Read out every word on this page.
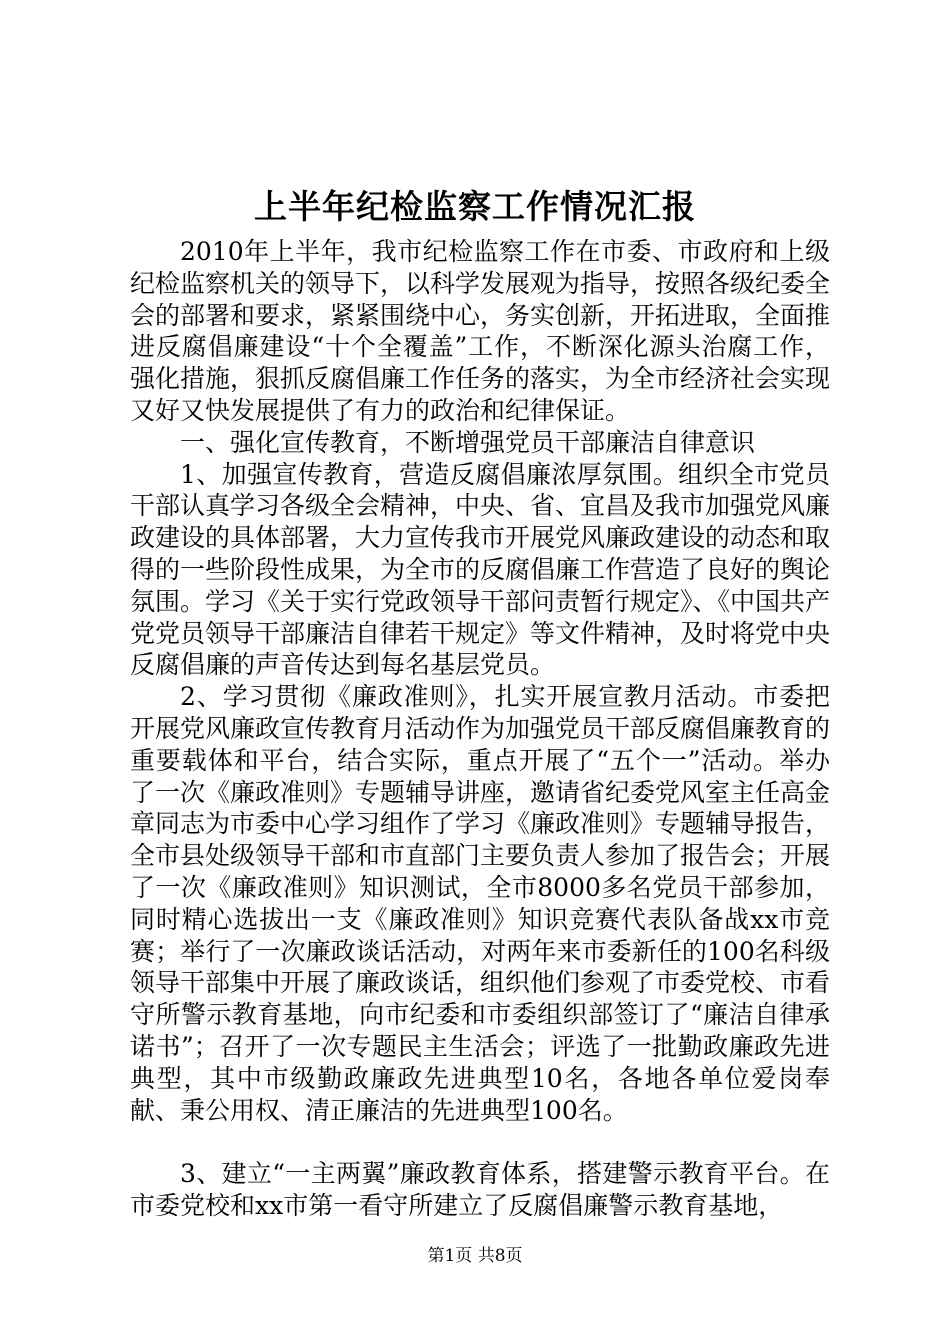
上半年纪检监察工作情况汇报

2010年上半年，我市纪检监察工作在市委、市政府和上级纪检监察机关的领导下，以科学发展观为指导，按照各级纪委全会的部署和要求，紧紧围绕中心，务实创新，开拓进取，全面推进反腐倡廉建设“十个全覆盖”工作，不断深化源头治腐工作，强化措施，狠抓反腐倡廉工作任务的落实，为全市经济社会实现又好又快发展提供了有力的政治和纪律保证。

一、强化宣传教育，不断增强党员干部廉洁自律意识

1、加强宣传教育，营造反腐倡廉浓厚氛围。组织全市党员干部认真学习各级全会精神，中央、省、宜昌及我市加强党风廉政建设的具体部署，大力宣传我市开展党风廉政建设的动态和取得的一些阶段性成果，为全市的反腐倡廉工作营造了良好的舆论氛围。学习《关于实行党政领导干部问责暂行规定》、《中国共产党党员领导干部廉洁自律若干规定》等文件精神，及时将党中央反腐倡廉的声音传达到每名基层党员。

2、学习贯彻《廉政准则》，扎实开展宣教月活动。市委把开展党风廉政宣传教育月活动作为加强党员干部反腐倡廉教育的重要载体和平台，结合实际，重点开展了“五个一”活动。举办了一次《廉政准则》专题辅导讲座，邀请省纪委党风室主任高金章同志为市委中心学习组作了学习《廉政准则》专题辅导报告，全市县处级领导干部和市直部门主要负责人参加了报告会；开展了一次《廉政准则》知识测试，全市8000多名党员干部参加，同时精心选拔出一支《廉政准则》知识竞赛代表队备战xx市竞赛；举行了一次廉政谈话活动，对两年来市委新任的100名科级领导干部集中开展了廉政谈话，组织他们参观了市委党校、市看守所警示教育基地，向市纪委和市委组织部签订了“廉洁自律承诺书”；召开了一次专题民主生活会；评选了一批勤政廉政先进典型，其中市级勤政廉政先进典型10名，各地各单位爱岗奉献、秉公用权、清正廉洁的先进典型100名。

3、建立“一主两翼”廉政教育体系，搭建警示教育平台。在市委党校和xx市第一看守所建立了反腐倡廉警示教育基地，

第1页 共8页
